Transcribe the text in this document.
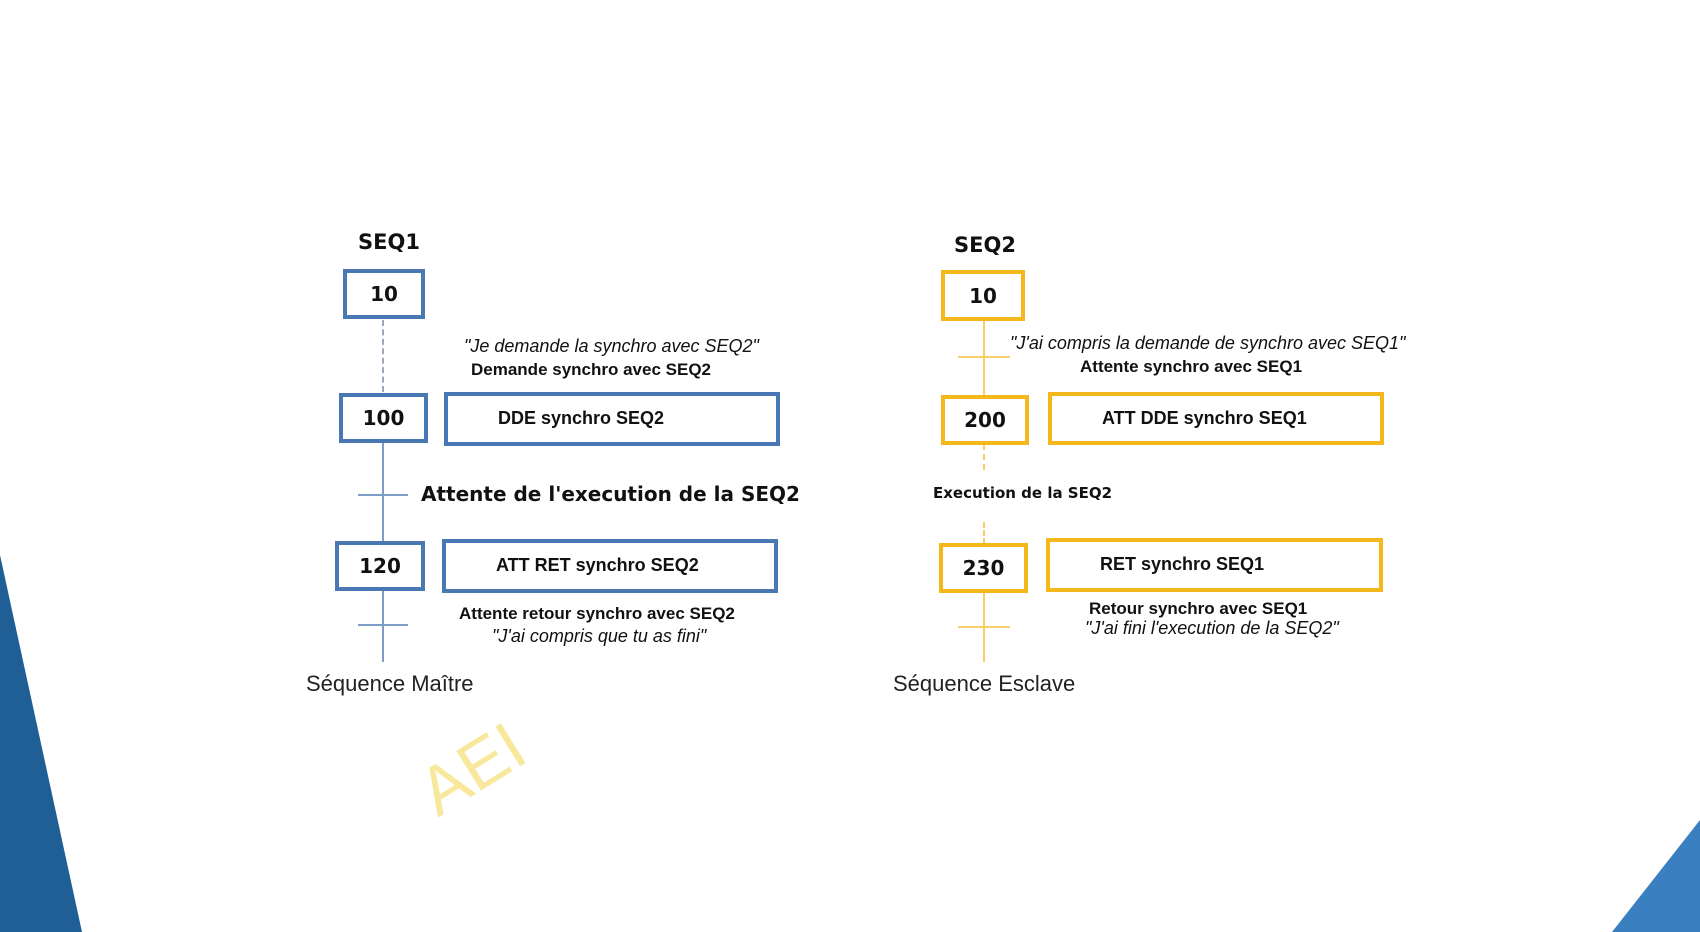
AEI
SEQ1
10
100	DDE synchro SEQ2
120	ATT RET synchro SEQ2
"Je demande la synchro avec SEQ2"
Demande synchro avec SEQ2
Attente de l'execution de la SEQ2
Attente retour synchro avec SEQ2
"J'ai compris que tu as fini"
Séquence Maître
SEQ2
10
200	ATT DDE synchro SEQ1
230	RET synchro SEQ1
"J'ai compris la demande de synchro avec SEQ1"
Attente synchro avec SEQ1
Execution de la SEQ2
Retour synchro avec SEQ1
"J'ai fini l'execution de la SEQ2"
Séquence Esclave
